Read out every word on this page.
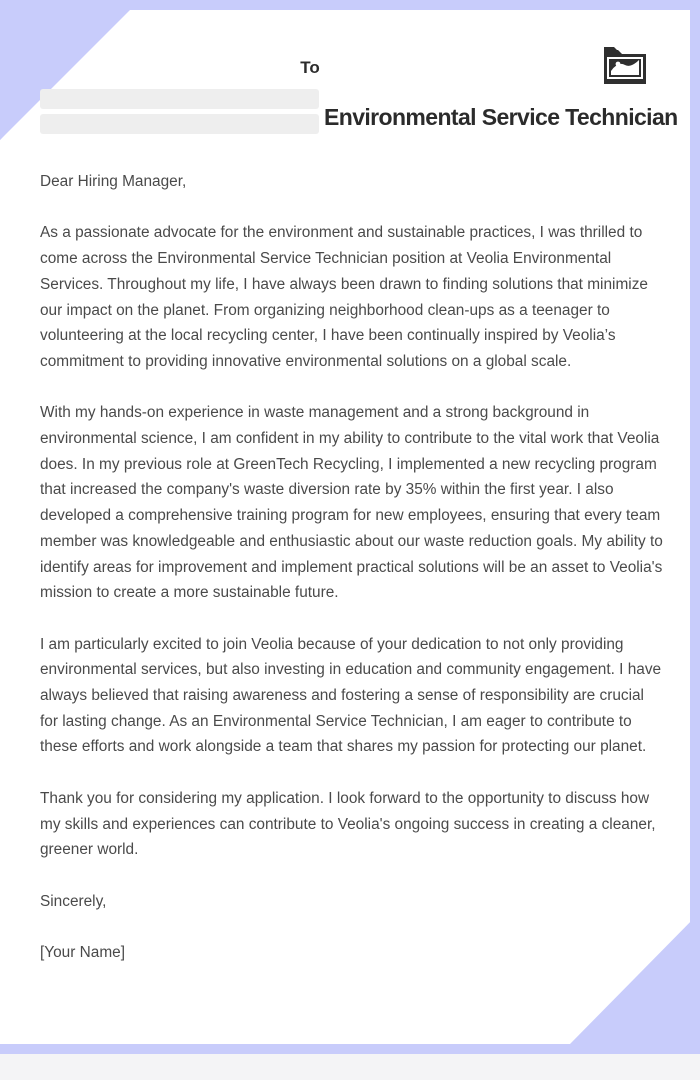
To
Environmental Service Technician

Dear Hiring Manager,

As a passionate advocate for the environment and sustainable practices, I was thrilled to come across the Environmental Service Technician position at Veolia Environmental Services. Throughout my life, I have always been drawn to finding solutions that minimize our impact on the planet. From organizing neighborhood clean-ups as a teenager to volunteering at the local recycling center, I have been continually inspired by Veolia’s commitment to providing innovative environmental solutions on a global scale.

With my hands-on experience in waste management and a strong background in environmental science, I am confident in my ability to contribute to the vital work that Veolia does. In my previous role at GreenTech Recycling, I implemented a new recycling program that increased the company's waste diversion rate by 35% within the first year. I also developed a comprehensive training program for new employees, ensuring that every team member was knowledgeable and enthusiastic about our waste reduction goals. My ability to identify areas for improvement and implement practical solutions will be an asset to Veolia's mission to create a more sustainable future.

I am particularly excited to join Veolia because of your dedication to not only providing environmental services, but also investing in education and community engagement. I have always believed that raising awareness and fostering a sense of responsibility are crucial for lasting change. As an Environmental Service Technician, I am eager to contribute to these efforts and work alongside a team that shares my passion for protecting our planet.

Thank you for considering my application. I look forward to the opportunity to discuss how my skills and experiences can contribute to Veolia's ongoing success in creating a cleaner, greener world.

Sincerely,

[Your Name]
